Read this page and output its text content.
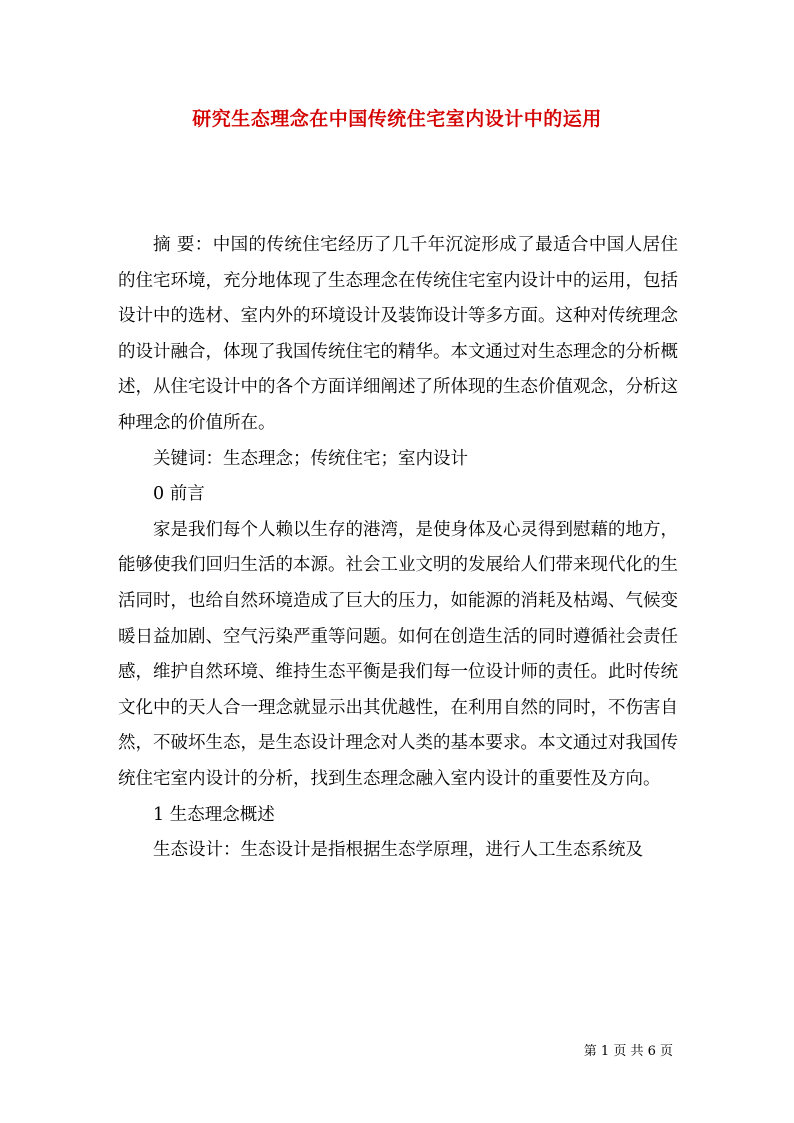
研究生态理念在中国传统住宅室内设计中的运用

摘 要：中国的传统住宅经历了几千年沉淀形成了最适合中国人居住的住宅环境，充分地体现了生态理念在传统住宅室内设计中的运用，包括设计中的选材、室内外的环境设计及装饰设计等多方面。这种对传统理念的设计融合，体现了我国传统住宅的精华。本文通过对生态理念的分析概述，从住宅设计中的各个方面详细阐述了所体现的生态价值观念，分析这种理念的价值所在。

关键词：生态理念；传统住宅；室内设计

0 前言

家是我们每个人赖以生存的港湾，是使身体及心灵得到慰藉的地方，能够使我们回归生活的本源。社会工业文明的发展给人们带来现代化的生活同时，也给自然环境造成了巨大的压力，如能源的消耗及枯竭、气候变暖日益加剧、空气污染严重等问题。如何在创造生活的同时遵循社会责任感，维护自然环境、维持生态平衡是我们每一位设计师的责任。此时传统文化中的天人合一理念就显示出其优越性，在利用自然的同时，不伤害自然，不破坏生态，是生态设计理念对人类的基本要求。本文通过对我国传统住宅室内设计的分析，找到生态理念融入室内设计的重要性及方向。

1 生态理念概述

生态设计：生态设计是指根据生态学原理，进行人工生态系统及

第 1 页 共 6 页
